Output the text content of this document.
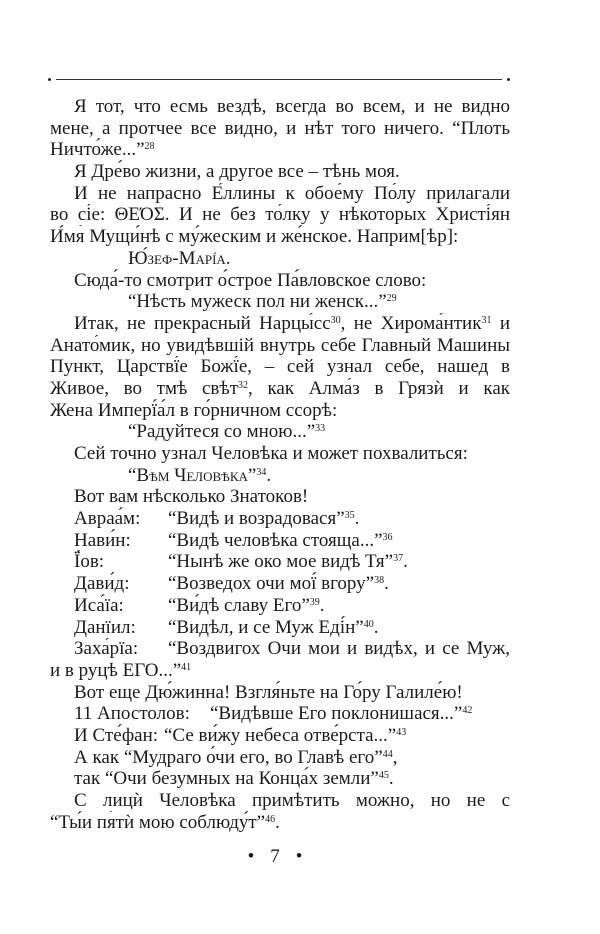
Я тот, что есмь вездѣ, всегда во всем, и не видно
мене, а протчее все видно, и нѣт того ничего. “Плоть
Ничто́же...”$^{28}$
Я Дре́во жизни, а другое все – тѣнь моя.
И не напрасно Е́ллины к обое́му По́лу прилагали
во сі́е: ΘΕΌΣ. И не без то́лку у нѣкоторых Христі́ян
И́мя Мущи́нѣ с му́жеским и же́нское. Наприм[ѣр]:
Ю́зеф-Марі́а.
Сюда́-то смотрит о́строе Па́вловское слово:
“Нѣсть мужеск пол ни женск...”$^{29}$
Итак, не прекрасный $Нарцы́сс^{30}$, не Хирома́нтик$^{31}$ и
Анато́мик, но увидѣвшій внутрь себе Главный Машины
Пункт, Царствї́е Божї́е, – сей узнал себе, нашед в
Живое, во тмѣ свѣт$^{32}$, как Алма́з в Грязѝ и как
Жена Имперї́а́л в го́рничном ссорѣ:
“Радуйтеся со мною...”$^{33}$
Сей точно узнал Человѣка и может похвалиться:
“Вѣм Человѣка”$^{34}$.
Вот вам нѣсколько Знатоков!
Авраа́м: “Видѣ и возрадовася”$^{35}$.
Нави́н: “Видѣ человѣка стояща...”$^{36}$
Ї́ов:	“Нынѣ же око мое видѣ Тя”$^{37}$.
Дави́д: “Возведох очи мої́ вгору”$^{38}$.
Иса́їа: “Ви́дѣ славу Его”$^{39}$.
Данїил: “Видѣл, и се Муж Еді́н”$^{40}$.
Заха́рїа: “Воздвигох Очи мои и видѣх, и се Муж,
и в руцѣ ЕГО...”$^{41}$
Вот еще Дю́жинна! Взгля́ньте на Го́ру Галиле́ю!
11 Апостолов: “Видѣвше Его поклонишася...”$^{42}$
И Сте́фан: “Се ви́жу небеса отве́рста...”$^{43}$
А как “Мудраго о́чи его, во Главѣ его”$^{44}$,
так “Очи безумных на Конца́х земли”$^{45}$.
С лицѝ Человѣка примѣтить можно, но не с
“Ты́и пятѝ мою соблюду́т”$^{46}$.
• 7 •
